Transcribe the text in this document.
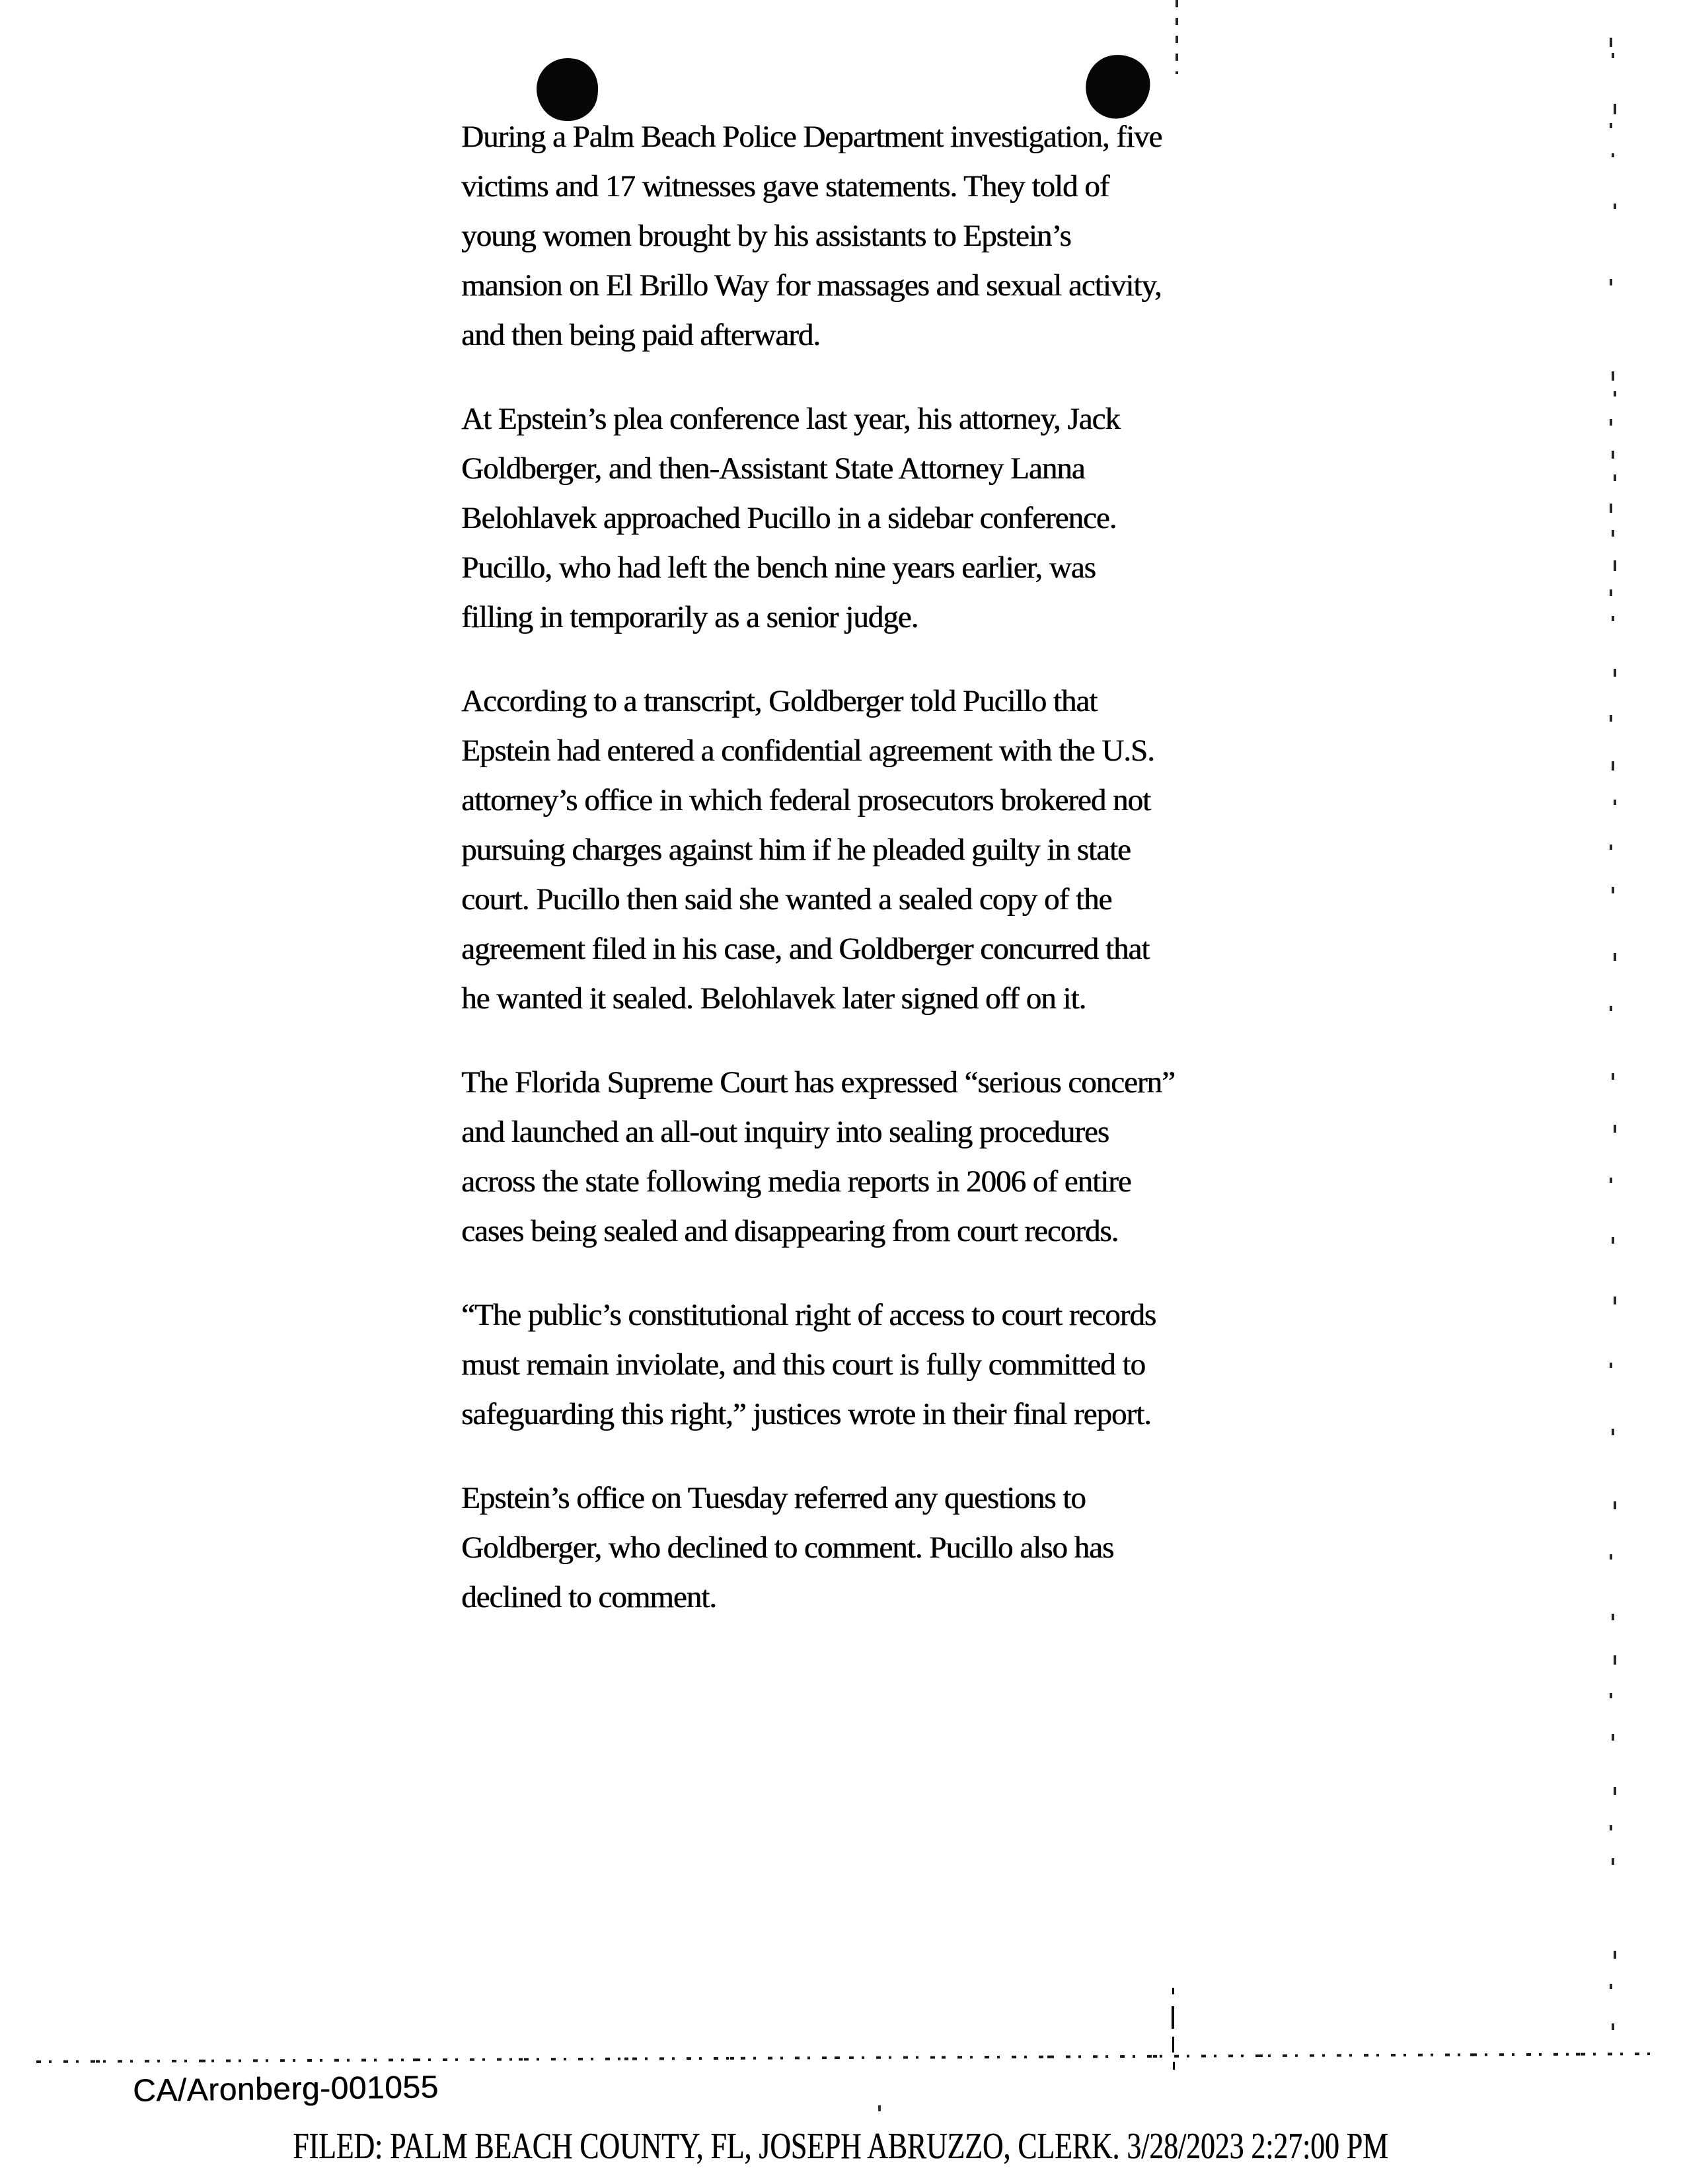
During a Palm Beach Police Department investigation, five
victims and 17 witnesses gave statements. They told of
young women brought by his assistants to Epstein’s
mansion on El Brillo Way for massages and sexual activity,
and then being paid afterward.
At Epstein’s plea conference last year, his attorney, Jack
Goldberger, and then-Assistant State Attorney Lanna
Belohlavek approached Pucillo in a sidebar conference.
Pucillo, who had left the bench nine years earlier, was
filling in temporarily as a senior judge.
According to a transcript, Goldberger told Pucillo that
Epstein had entered a confidential agreement with the U.S.
attorney’s office in which federal prosecutors brokered not
pursuing charges against him if he pleaded guilty in state
court. Pucillo then said she wanted a sealed copy of the
agreement filed in his case, and Goldberger concurred that
he wanted it sealed. Belohlavek later signed off on it.
The Florida Supreme Court has expressed “serious concern”
and launched an all-out inquiry into sealing procedures
across the state following media reports in 2006 of entire
cases being sealed and disappearing from court records.
“The public’s constitutional right of access to court records
must remain inviolate, and this court is fully committed to
safeguarding this right,” justices wrote in their final report.
Epstein’s office on Tuesday referred any questions to
Goldberger, who declined to comment. Pucillo also has
declined to comment.
CA/Aronberg-001055
FILED: PALM BEACH COUNTY, FL, JOSEPH ABRUZZO, CLERK. 3/28/2023 2:27:00 PM
